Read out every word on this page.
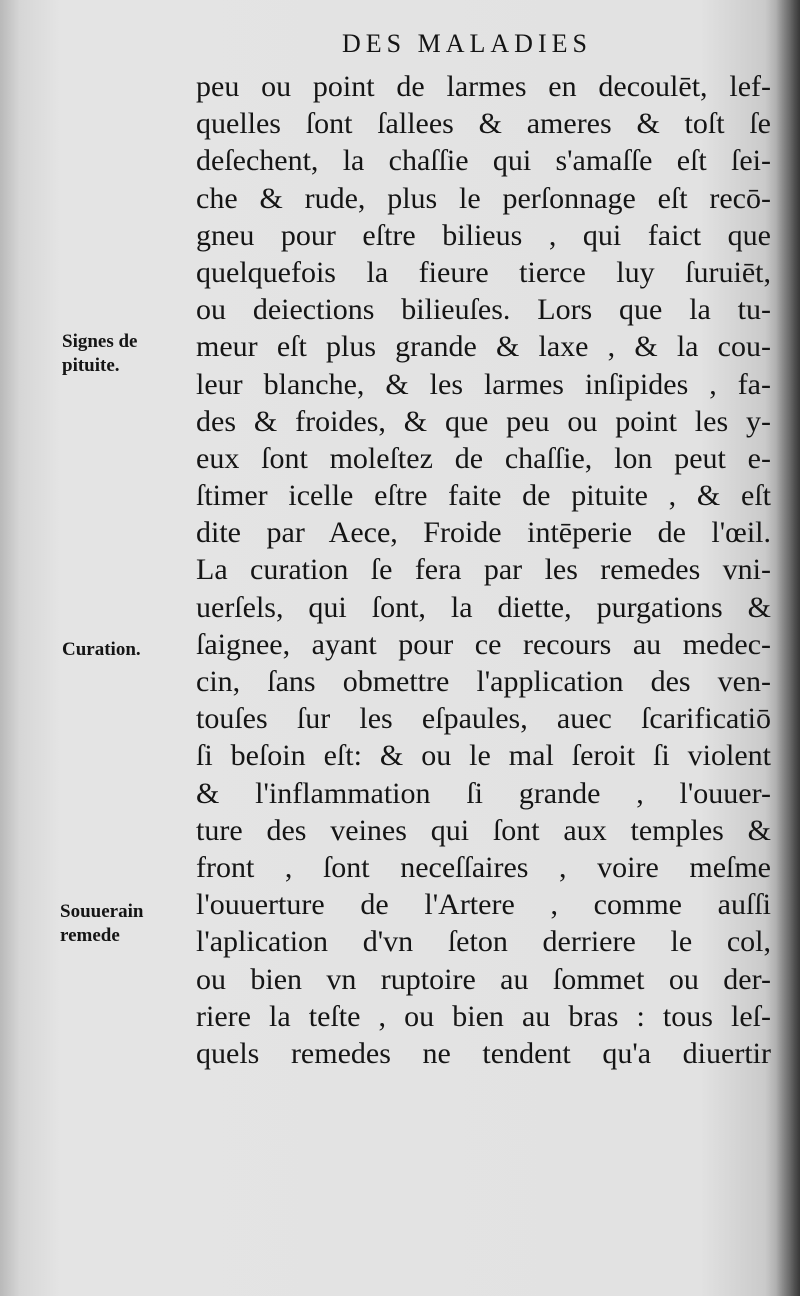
DES MALADIES
Signes de
pituite.
Curation.
Souuerain
remede
peu ou point de larmes en decoulēt, lef-
quelles ſont ſallees & ameres & toſt ſe
deſechent, la chaſſie qui s'amaſſe eſt ſei-
che & rude, plus le perſonnage eſt recō-
gneu pour eſtre bilieus , qui faict que
quelquefois la fieure tierce luy ſuruiēt,
ou deiections bilieuſes. Lors que la tu-
meur eſt plus grande & laxe , & la cou-
leur blanche, & les larmes inſipides , fa-
des & froides, & que peu ou point les y-
eux ſont moleſtez de chaſſie, lon peut e-
ſtimer icelle eſtre faite de pituite , & eſt
dite par Aece, Froide intēperie de l'œil.
La curation ſe fera par les remedes vni-
uerſels, qui ſont, la diette, purgations &
ſaignee, ayant pour ce recours au medec-
cin, ſans obmettre l'application des ven-
touſes ſur les eſpaules, auec ſcarificatiō
ſi beſoin eſt: & ou le mal ſeroit ſi violent
& l'inflammation ſi grande , l'ouuer-
ture des veines qui ſont aux temples &
front , ſont neceſſaires , voire meſme
l'ouuerture de l'Artere , comme auſſi
l'aplication d'vn ſeton derriere le col,
ou bien vn ruptoire au ſommet ou der-
riere la teſte , ou bien au bras : tous leſ-
quels remedes ne tendent qu'a diuertir
